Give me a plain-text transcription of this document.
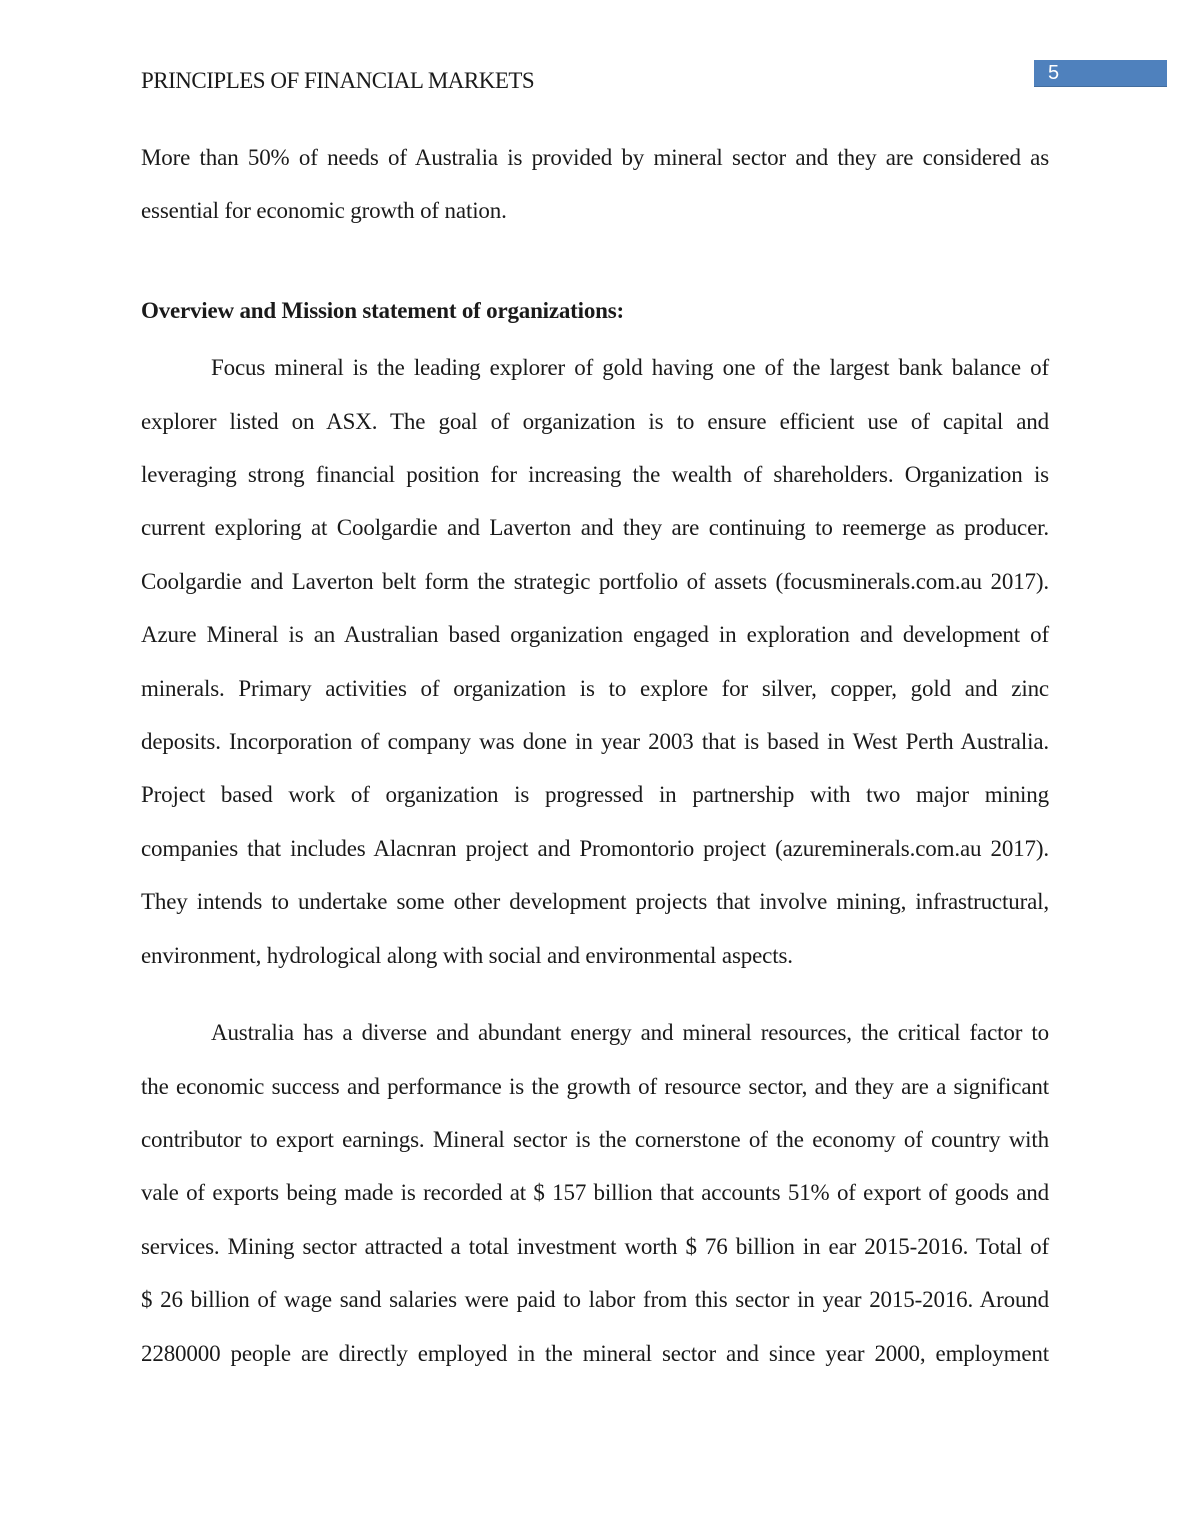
PRINCIPLES OF FINANCIAL MARKETS	5
More than 50% of needs of Australia is provided by mineral sector and they are considered as
essential for economic growth of nation.
Overview and Mission statement of organizations:
Focus mineral is the leading explorer of gold having one of the largest bank balance of
explorer listed on ASX. The goal of organization is to ensure efficient use of capital and
leveraging strong financial position for increasing the wealth of shareholders. Organization is
current exploring at Coolgardie and Laverton and they are continuing to reemerge as producer.
Coolgardie and Laverton belt form the strategic portfolio of assets (focusminerals.com.au 2017).
Azure Mineral is an Australian based organization engaged in exploration and development of
minerals. Primary activities of organization is to explore for silver, copper, gold and zinc
deposits. Incorporation of company was done in year 2003 that is based in West Perth Australia.
Project based work of organization is progressed in partnership with two major mining
companies that includes Alacnran project and Promontorio project (azureminerals.com.au 2017).
They intends to undertake some other development projects that involve mining, infrastructural,
environment, hydrological along with social and environmental aspects.
Australia has a diverse and abundant energy and mineral resources, the critical factor to
the economic success and performance is the growth of resource sector, and they are a significant
contributor to export earnings. Mineral sector is the cornerstone of the economy of country with
vale of exports being made is recorded at $ 157 billion that accounts 51% of export of goods and
services. Mining sector attracted a total investment worth $ 76 billion in ear 2015-2016. Total of
$ 26 billion of wage sand salaries were paid to labor from this sector in year 2015-2016. Around
2280000 people are directly employed in the mineral sector and since year 2000, employment
